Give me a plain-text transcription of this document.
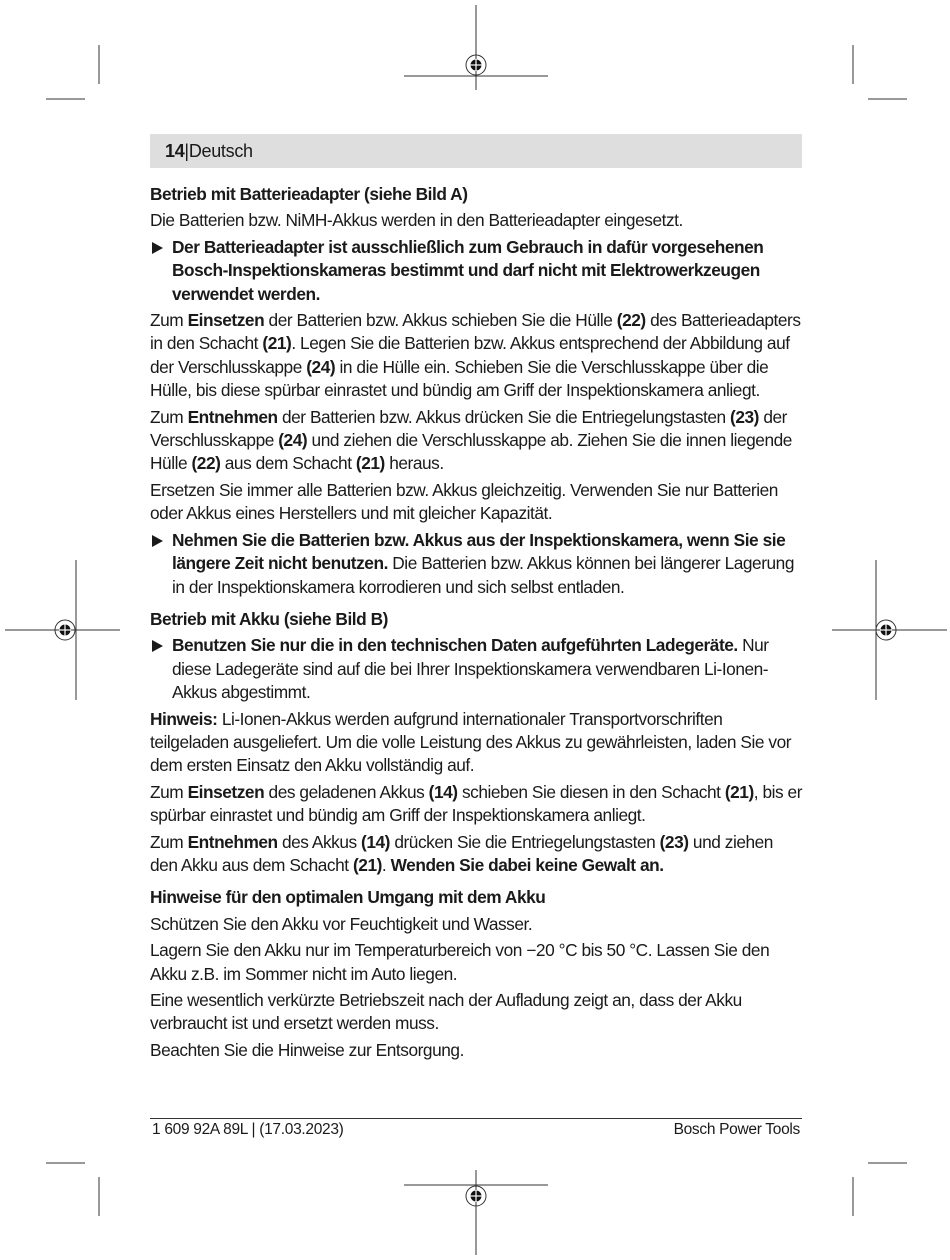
14|Deutsch
Betrieb mit Batterieadapter (siehe Bild A)

Die Batterien bzw. NiMH-Akkus werden in den Batterieadapter eingesetzt.

Der Batterieadapter ist ausschließlich zum Gebrauch in dafür vorgesehenen Bosch-Inspektionskameras bestimmt und darf nicht mit Elektrowerkzeugen verwendet werden.

Zum Einsetzen der Batterien bzw. Akkus schieben Sie die Hülle (22) des Batterieadapters in den Schacht (21). Legen Sie die Batterien bzw. Akkus entsprechend der Abbildung auf der Verschlusskappe (24) in die Hülle ein. Schieben Sie die Verschlusskappe über die Hülle, bis diese spürbar einrastet und bündig am Griff der Inspektionskamera anliegt.

Zum Entnehmen der Batterien bzw. Akkus drücken Sie die Entriegelungstasten (23) der Verschlusskappe (24) und ziehen die Verschlusskappe ab. Ziehen Sie die innen liegende Hülle (22) aus dem Schacht (21) heraus.

Ersetzen Sie immer alle Batterien bzw. Akkus gleichzeitig. Verwenden Sie nur Batterien oder Akkus eines Herstellers und mit gleicher Kapazität.

Nehmen Sie die Batterien bzw. Akkus aus der Inspektionskamera, wenn Sie sie längere Zeit nicht benutzen. Die Batterien bzw. Akkus können bei längerer Lagerung in der Inspektionskamera korrodieren und sich selbst entladen.
Betrieb mit Akku (siehe Bild B)
Benutzen Sie nur die in den technischen Daten aufgeführten Ladegeräte. Nur diese Ladegeräte sind auf die bei Ihrer Inspektionskamera verwendbaren Li-Ionen-Akkus abgestimmt.

Hinweis: Li-Ionen-Akkus werden aufgrund internationaler Transportvorschriften teilgeladen ausgeliefert. Um die volle Leistung des Akkus zu gewährleisten, laden Sie vor dem ersten Einsatz den Akku vollständig auf.

Zum Einsetzen des geladenen Akkus (14) schieben Sie diesen in den Schacht (21), bis er spürbar einrastet und bündig am Griff der Inspektionskamera anliegt.

Zum Entnehmen des Akkus (14) drücken Sie die Entriegelungstasten (23) und ziehen den Akku aus dem Schacht (21). Wenden Sie dabei keine Gewalt an.

Hinweise für den optimalen Umgang mit dem Akku

Schützen Sie den Akku vor Feuchtigkeit und Wasser.

Lagern Sie den Akku nur im Temperaturbereich von −20 °C bis 50 °C. Lassen Sie den Akku z.B. im Sommer nicht im Auto liegen.

Eine wesentlich verkürzte Betriebszeit nach der Aufladung zeigt an, dass der Akku verbraucht ist und ersetzt werden muss.

Beachten Sie die Hinweise zur Entsorgung.

1 609 92A 89L | (17.03.2023)	Bosch Power Tools
